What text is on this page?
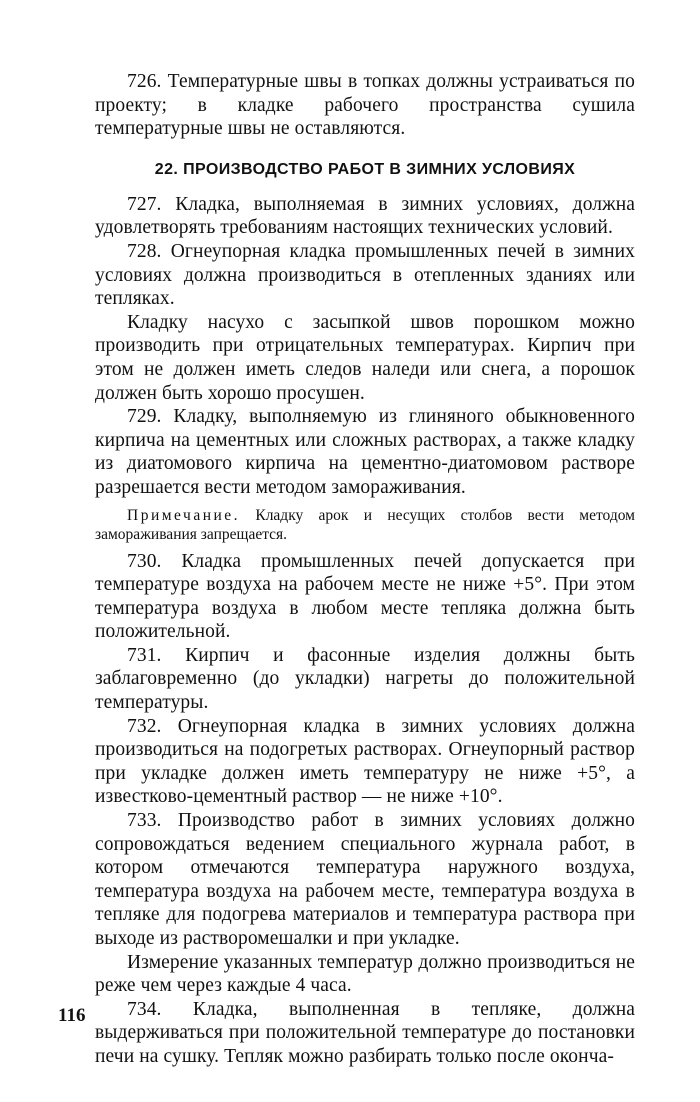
726. Температурные швы в топках должны устраиваться по проекту; в кладке рабочего пространства сушила температурные швы не оставляются.

22. ПРОИЗВОДСТВО РАБОТ В ЗИМНИХ УСЛОВИЯХ

727. Кладка, выполняемая в зимних условиях, должна удовлетворять требованиям настоящих технических условий.

728. Огнеупорная кладка промышленных печей в зимних условиях должна производиться в отепленных зданиях или тепляках.

Кладку насухо с засыпкой швов порошком можно производить при отрицательных температурах. Кирпич при этом не должен иметь следов наледи или снега, а порошок должен быть хорошо просушен.

729. Кладку, выполняемую из глиняного обыкновенного кирпича на цементных или сложных растворах, а также кладку из диатомового кирпича на цементно-диатомовом растворе разрешается вести методом замораживания.

Примечание. Кладку арок и несущих столбов вести методом замораживания запрещается.

730. Кладка промышленных печей допускается при температуре воздуха на рабочем месте не ниже +5°. При этом температура воздуха в любом месте тепляка должна быть положительной.

731. Кирпич и фасонные изделия должны быть заблаговременно (до укладки) нагреты до положительной температуры.

732. Огнеупорная кладка в зимних условиях должна производиться на подогретых растворах. Огнеупорный раствор при укладке должен иметь температуру не ниже +5°, а известково-цементный раствор — не ниже +10°.

733. Производство работ в зимних условиях должно сопровождаться ведением специального журнала работ, в котором отмечаются температура наружного воздуха, температура воздуха на рабочем месте, температура воздуха в тепляке для подогрева материалов и температура раствора при выходе из растворомешалки и при укладке.

Измерение указанных температур должно производиться не реже чем через каждые 4 часа.

734. Кладка, выполненная в тепляке, должна выдерживаться при положительной температуре до постановки печи на сушку. Тепляк можно разбирать только после оконча-

116
